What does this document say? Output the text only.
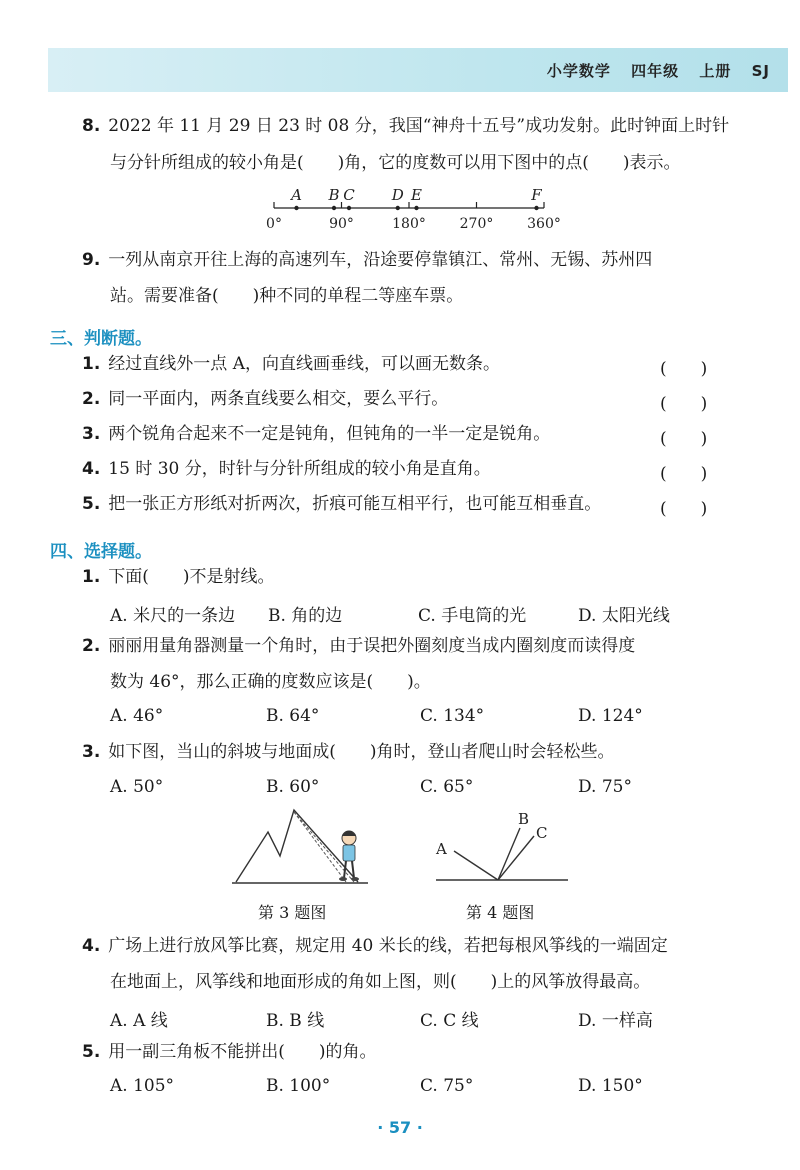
小学数学 四年级 上册 SJ
8. 2022 年 11 月 29 日 23 时 08 分，我国“神舟十五号”成功发射。此时钟面上时针
与分针所组成的较小角是(　　)角，它的度数可以用下图中的点(　　)表示。
0°	90°	180° 270° 360°
A B C D E	F
9. 一列从南京开往上海的高速列车，沿途要停靠镇江、常州、无锡、苏州四
站。需要准备(　　)种不同的单程二等座车票。
三、判断题。
1. 经过直线外一点 A，向直线画垂线，可以画无数条。	(　　)
2. 同一平面内，两条直线要么相交，要么平行。	(　　)
3. 两个锐角合起来不一定是钝角，但钝角的一半一定是锐角。	(　　)
4. 15 时 30 分，时针与分针所组成的较小角是直角。	(　　)
5. 把一张正方形纸对折两次，折痕可能互相平行，也可能互相垂直。	(　　)
四、选择题。
1. 下面(　　)不是射线。
A. 米尺的一条边 B. 角的边	C. 手电筒的光	D. 太阳光线
2. 丽丽用量角器测量一个角时，由于误把外圈刻度当成内圈刻度而读得度
数为 46°，那么正确的度数应该是(　　)。
A. 46°	B. 64°	C. 134°	D. 124°
3. 如下图，当山的斜坡与地面成(　　)角时，登山者爬山时会轻松些。
A. 50°	B. 60°	C. 65°	D. 75°
第 3 题图
A
B
C
第 4 题图
4. 广场上进行放风筝比赛，规定用 40 米长的线，若把每根风筝线的一端固定
在地面上，风筝线和地面形成的角如上图，则(　　)上的风筝放得最高。
A. A 线	B. B 线	C. C 线	D. 一样高
5. 用一副三角板不能拼出(　　)的角。
A. 105°	B. 100°	C. 75°	D. 150°
· 57 ·
